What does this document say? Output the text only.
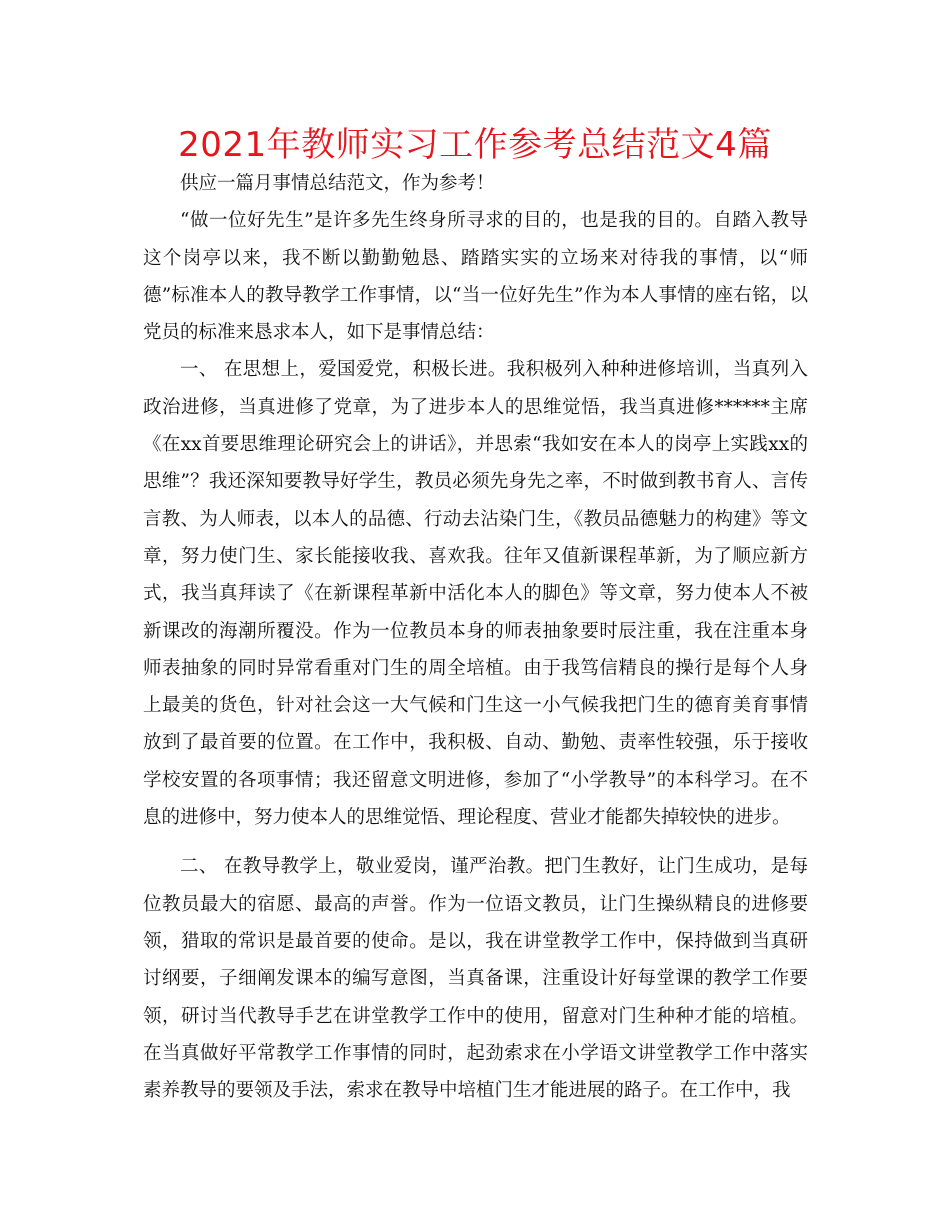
2021年教师实习工作参考总结范文4篇

供应一篇月事情总结范文，作为参考！

“做一位好先生”是许多先生终身所寻求的目的，也是我的目的。自踏入教导这个岗亭以来，我不断以勤勤勉恳、踏踏实实的立场来对待我的事情，以“师德”标准本人的教导教学工作事情，以“当一位好先生”作为本人事情的座右铭，以党员的标准来恳求本人，如下是事情总结：

一、 在思想上，爱国爱党，积极长进。我积极列入种种进修培训，当真列入政治进修，当真进修了党章，为了进步本人的思维觉悟，我当真进修******主席《在xx首要思维理论研究会上的讲话》，并思索“我如安在本人的岗亭上实践xx的思维”？我还深知要教导好学生，教员必须先身先之率，不时做到教书育人、言传言教、为人师表，以本人的品德、行动去沾染门生，《教员品德魅力的构建》等文章，努力使门生、家长能接收我、喜欢我。往年又值新课程革新，为了顺应新方式，我当真拜读了《在新课程革新中活化本人的脚色》等文章，努力使本人不被新课改的海潮所覆没。作为一位教员本身的师表抽象要时辰注重，我在注重本身师表抽象的同时异常看重对门生的周全培植。由于我笃信精良的操行是每个人身上最美的货色，针对社会这一大气候和门生这一小气候我把门生的德育美育事情放到了最首要的位置。在工作中，我积极、自动、勤勉、责率性较强，乐于接收学校安置的各项事情；我还留意文明进修，参加了“小学教导”的本科学习。在不息的进修中，努力使本人的思维觉悟、理论程度、营业才能都失掉较快的进步。

二、 在教导教学上，敬业爱岗，谨严治教。把门生教好，让门生成功，是每位教员最大的宿愿、最高的声誉。作为一位语文教员，让门生操纵精良的进修要领，猎取的常识是最首要的使命。是以，我在讲堂教学工作中，保持做到当真研讨纲要，子细阐发课本的编写意图，当真备课，注重设计好每堂课的教学工作要领，研讨当代教导手艺在讲堂教学工作中的使用，留意对门生种种才能的培植。在当真做好平常教学工作事情的同时，起劲索求在小学语文讲堂教学工作中落实素养教导的要领及手法，索求在教导中培植门生才能进展的路子。在工作中，我
